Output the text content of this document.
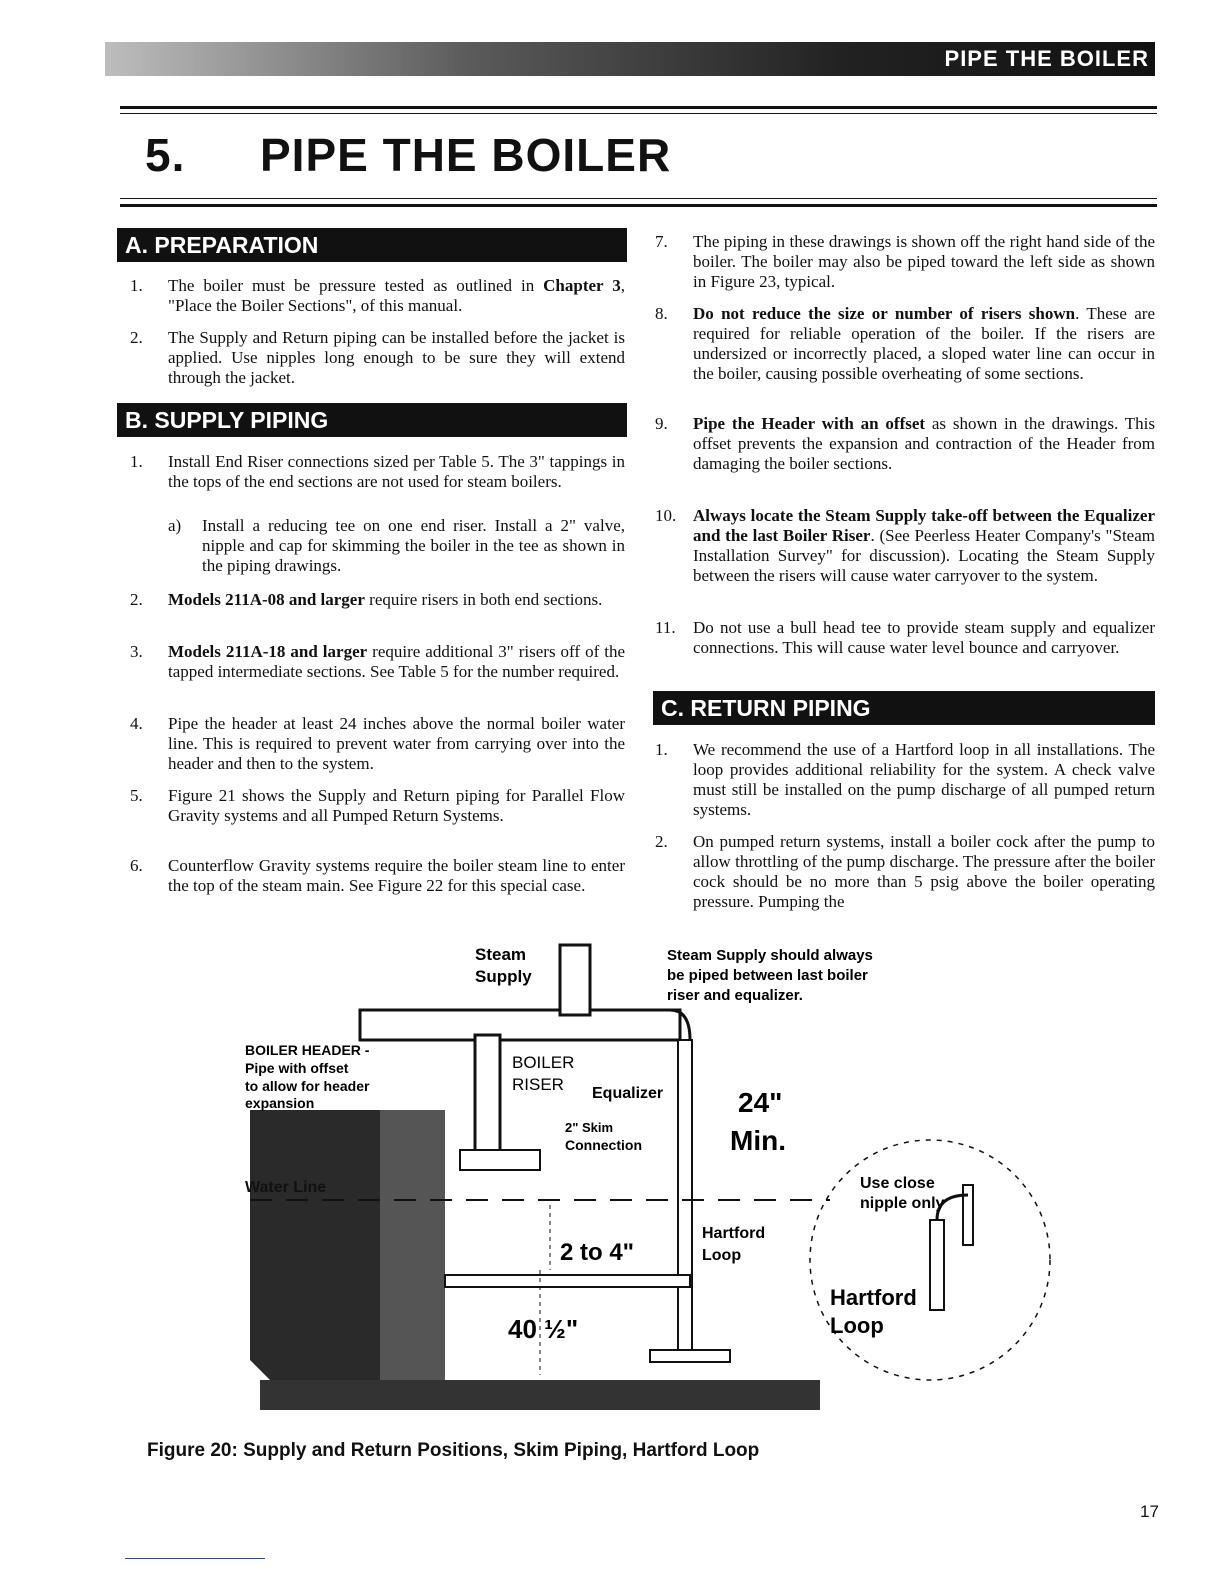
PIPE THE BOILER
5. PIPE THE BOILER
A. PREPARATION
1. The boiler must be pressure tested as outlined in Chapter 3, "Place the Boiler Sections", of this manual.
2. The Supply and Return piping can be installed before the jacket is applied. Use nipples long enough to be sure they will extend through the jacket.
B. SUPPLY PIPING
1. Install End Riser connections sized per Table 5. The 3" tappings in the tops of the end sections are not used for steam boilers.
a) Install a reducing tee on one end riser. Install a 2" valve, nipple and cap for skimming the boiler in the tee as shown in the piping drawings.
2. Models 211A-08 and larger require risers in both end sections.
3. Models 211A-18 and larger require additional 3" risers off of the tapped intermediate sections. See Table 5 for the number required.
4. Pipe the header at least 24 inches above the normal boiler water line. This is required to prevent water from carrying over into the header and then to the system.
5. Figure 21 shows the Supply and Return piping for Parallel Flow Gravity systems and all Pumped Return Systems.
6. Counterflow Gravity systems require the boiler steam line to enter the top of the steam main. See Figure 22 for this special case.
7. The piping in these drawings is shown off the right hand side of the boiler. The boiler may also be piped toward the left side as shown in Figure 23, typical.
8. Do not reduce the size or number of risers shown. These are required for reliable operation of the boiler. If the risers are undersized or incorrectly placed, a sloped water line can occur in the boiler, causing possible overheating of some sections.
9. Pipe the Header with an offset as shown in the drawings. This offset prevents the expansion and contraction of the Header from damaging the boiler sections.
10. Always locate the Steam Supply take-off between the Equalizer and the last Boiler Riser. (See Peerless Heater Company's "Steam Installation Survey" for discussion). Locating the Steam Supply between the risers will cause water carryover to the system.
11. Do not use a bull head tee to provide steam supply and equalizer connections. This will cause water level bounce and carryover.
C. RETURN PIPING
1. We recommend the use of a Hartford loop in all installations. The loop provides additional reliability for the system. A check valve must still be installed on the pump discharge of all pumped return systems.
2. On pumped return systems, install a boiler cock after the pump to allow throttling of the pump discharge. The pressure after the boiler cock should be no more than 5 psig above the boiler operating pressure. Pumping the
Steam
Supply
Steam Supply should always
be piped between last boiler
riser and equalizer.
BOILER HEADER -
Pipe with offset
to allow for header
expansion
BOILER
RISER Equalizer
2" Skim
Connection
24"
Min.
Water Line	Use close
nipple only
Hartford
Loop
2 to 4"
40 ½"
Hartford
Loop
Figure 20: Supply and Return Positions, Skim Piping, Hartford Loop
17
